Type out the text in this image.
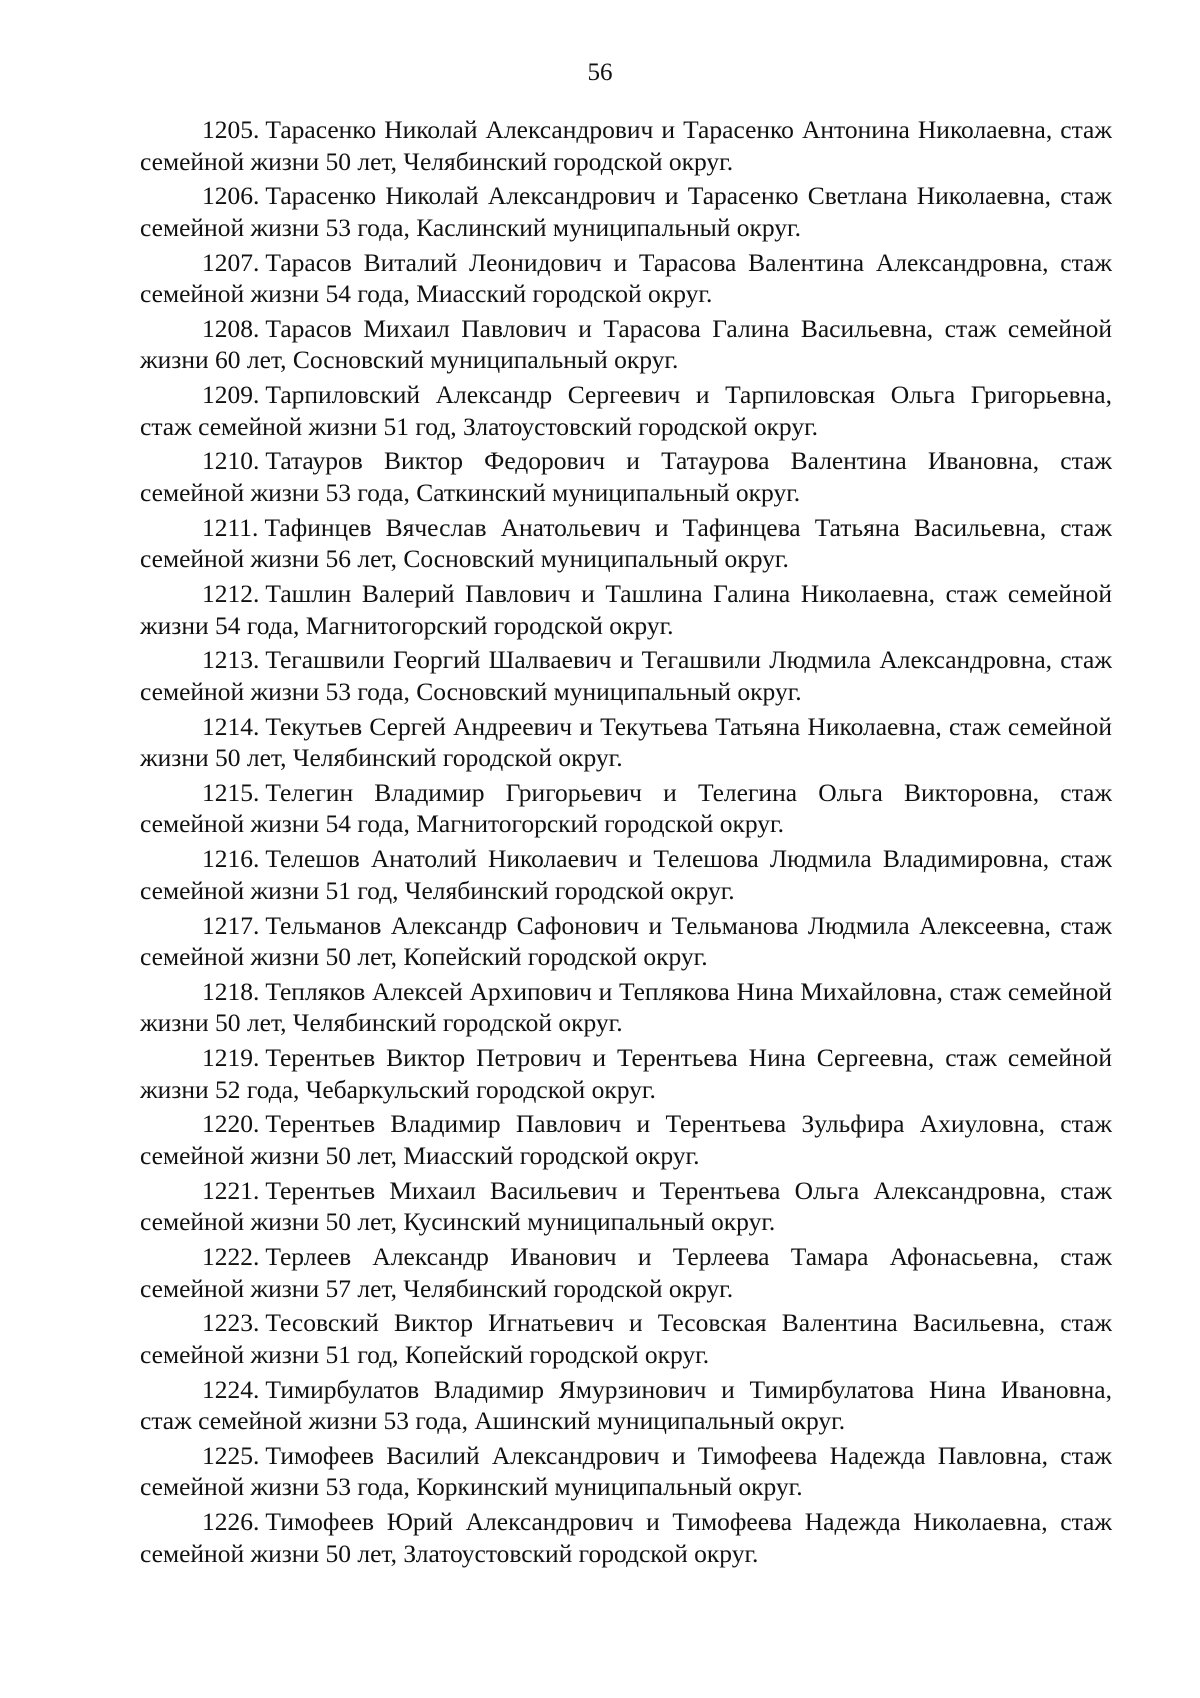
56

1205. Тарасенко Николай Александрович и Тарасенко Антонина Николаевна, стаж семейной жизни 50 лет, Челябинский городской округ.

1206. Тарасенко Николай Александрович и Тарасенко Светлана Николаевна, стаж семейной жизни 53 года, Каслинский муниципальный округ.

1207. Тарасов Виталий Леонидович и Тарасова Валентина Александровна, стаж семейной жизни 54 года, Миасский городской округ.

1208. Тарасов Михаил Павлович и Тарасова Галина Васильевна, стаж семейной жизни 60 лет, Сосновский муниципальный округ.

1209. Тарпиловский Александр Сергеевич и Тарпиловская Ольга Григорьевна, стаж семейной жизни 51 год, Златоустовский городской округ.

1210. Татауров Виктор Федорович и Татаурова Валентина Ивановна, стаж семейной жизни 53 года, Саткинский муниципальный округ.

1211. Тафинцев Вячеслав Анатольевич и Тафинцева Татьяна Васильевна, стаж семейной жизни 56 лет, Сосновский муниципальный округ.

1212. Ташлин Валерий Павлович и Ташлина Галина Николаевна, стаж семейной жизни 54 года, Магнитогорский городской округ.

1213. Тегашвили Георгий Шалваевич и Тегашвили Людмила Александровна, стаж семейной жизни 53 года, Сосновский муниципальный округ.

1214. Текутьев Сергей Андреевич и Текутьева Татьяна Николаевна, стаж семейной жизни 50 лет, Челябинский городской округ.

1215. Телегин Владимир Григорьевич и Телегина Ольга Викторовна, стаж семейной жизни 54 года, Магнитогорский городской округ.

1216. Телешов Анатолий Николаевич и Телешова Людмила Владимировна, стаж семейной жизни 51 год, Челябинский городской округ.

1217. Тельманов Александр Сафонович и Тельманова Людмила Алексеевна, стаж семейной жизни 50 лет, Копейский городской округ.

1218. Тепляков Алексей Архипович и Теплякова Нина Михайловна, стаж семейной жизни 50 лет, Челябинский городской округ.

1219. Терентьев Виктор Петрович и Терентьева Нина Сергеевна, стаж семейной жизни 52 года, Чебаркульский городской округ.

1220. Терентьев Владимир Павлович и Терентьева Зульфира Ахиуловна, стаж семейной жизни 50 лет, Миасский городской округ.

1221. Терентьев Михаил Васильевич и Терентьева Ольга Александровна, стаж семейной жизни 50 лет, Кусинский муниципальный округ.

1222. Терлеев Александр Иванович и Терлеева Тамара Афонасьевна, стаж семейной жизни 57 лет, Челябинский городской округ.

1223. Тесовский Виктор Игнатьевич и Тесовская Валентина Васильевна, стаж семейной жизни 51 год, Копейский городской округ.

1224. Тимирбулатов Владимир Ямурзинович и Тимирбулатова Нина Ивановна, стаж семейной жизни 53 года, Ашинский муниципальный округ.

1225. Тимофеев Василий Александрович и Тимофеева Надежда Павловна, стаж семейной жизни 53 года, Коркинский муниципальный округ.

1226. Тимофеев Юрий Александрович и Тимофеева Надежда Николаевна, стаж семейной жизни 50 лет, Златоустовский городской округ.
